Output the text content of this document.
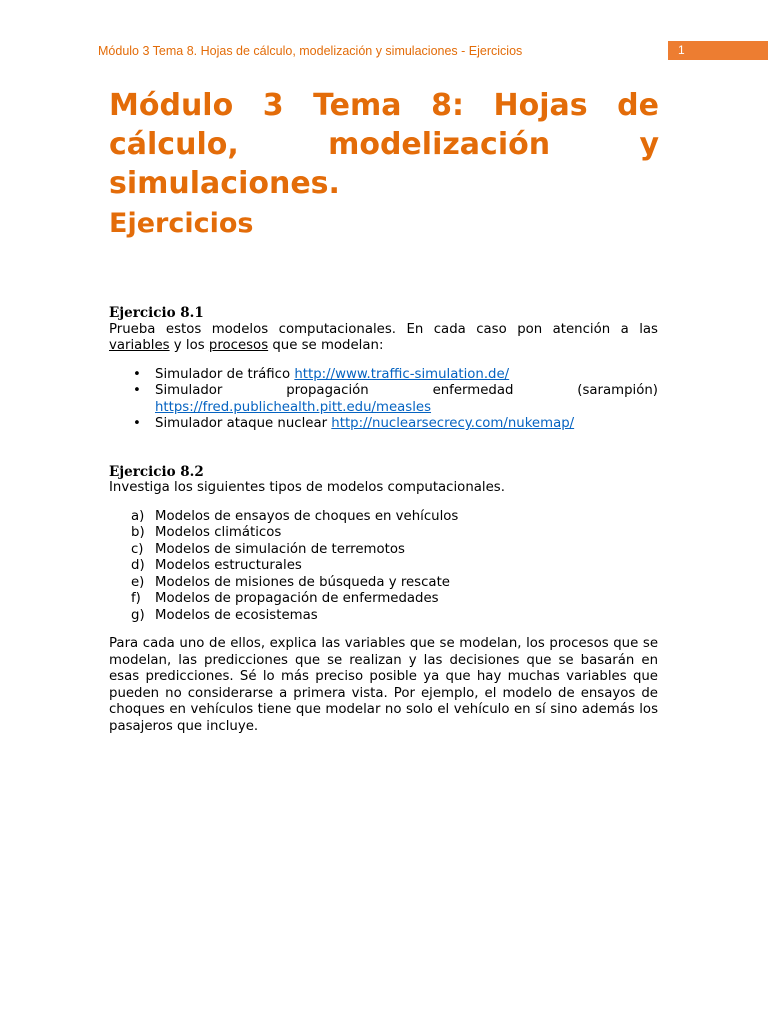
Módulo 3 Tema 8. Hojas de cálculo, modelización y simulaciones - Ejercicios	1
Módulo 3 Tema 8: Hojas de cálculo, modelización y simulaciones.
Ejercicios

Ejercicio 8.1

Prueba estos modelos computacionales. En cada caso pon atención a las variables y los procesos que se modelan:

• Simulador de tráfico http://www.traffic-simulation.de/
• Simulador	propagación	enfermedad	(sarampión)
https://fred.publichealth.pitt.edu/measles
• Simulador ataque nuclear http://nuclearsecrecy.com/nukemap/

Ejercicio 8.2

Investiga los siguientes tipos de modelos computacionales.

a) Modelos de ensayos de choques en vehículos
b) Modelos climáticos
c) Modelos de simulación de terremotos
d) Modelos estructurales
e) Modelos de misiones de búsqueda y rescate
f)	Modelos de propagación de enfermedades
g) Modelos de ecosistemas

Para cada uno de ellos, explica las variables que se modelan, los procesos que se modelan, las predicciones que se realizan y las decisiones que se basarán en esas predicciones. Sé lo más preciso posible ya que hay muchas variables que pueden no considerarse a primera vista. Por ejemplo, el modelo de ensayos de choques en vehículos tiene que modelar no solo el vehículo en sí sino además los pasajeros que incluye.
